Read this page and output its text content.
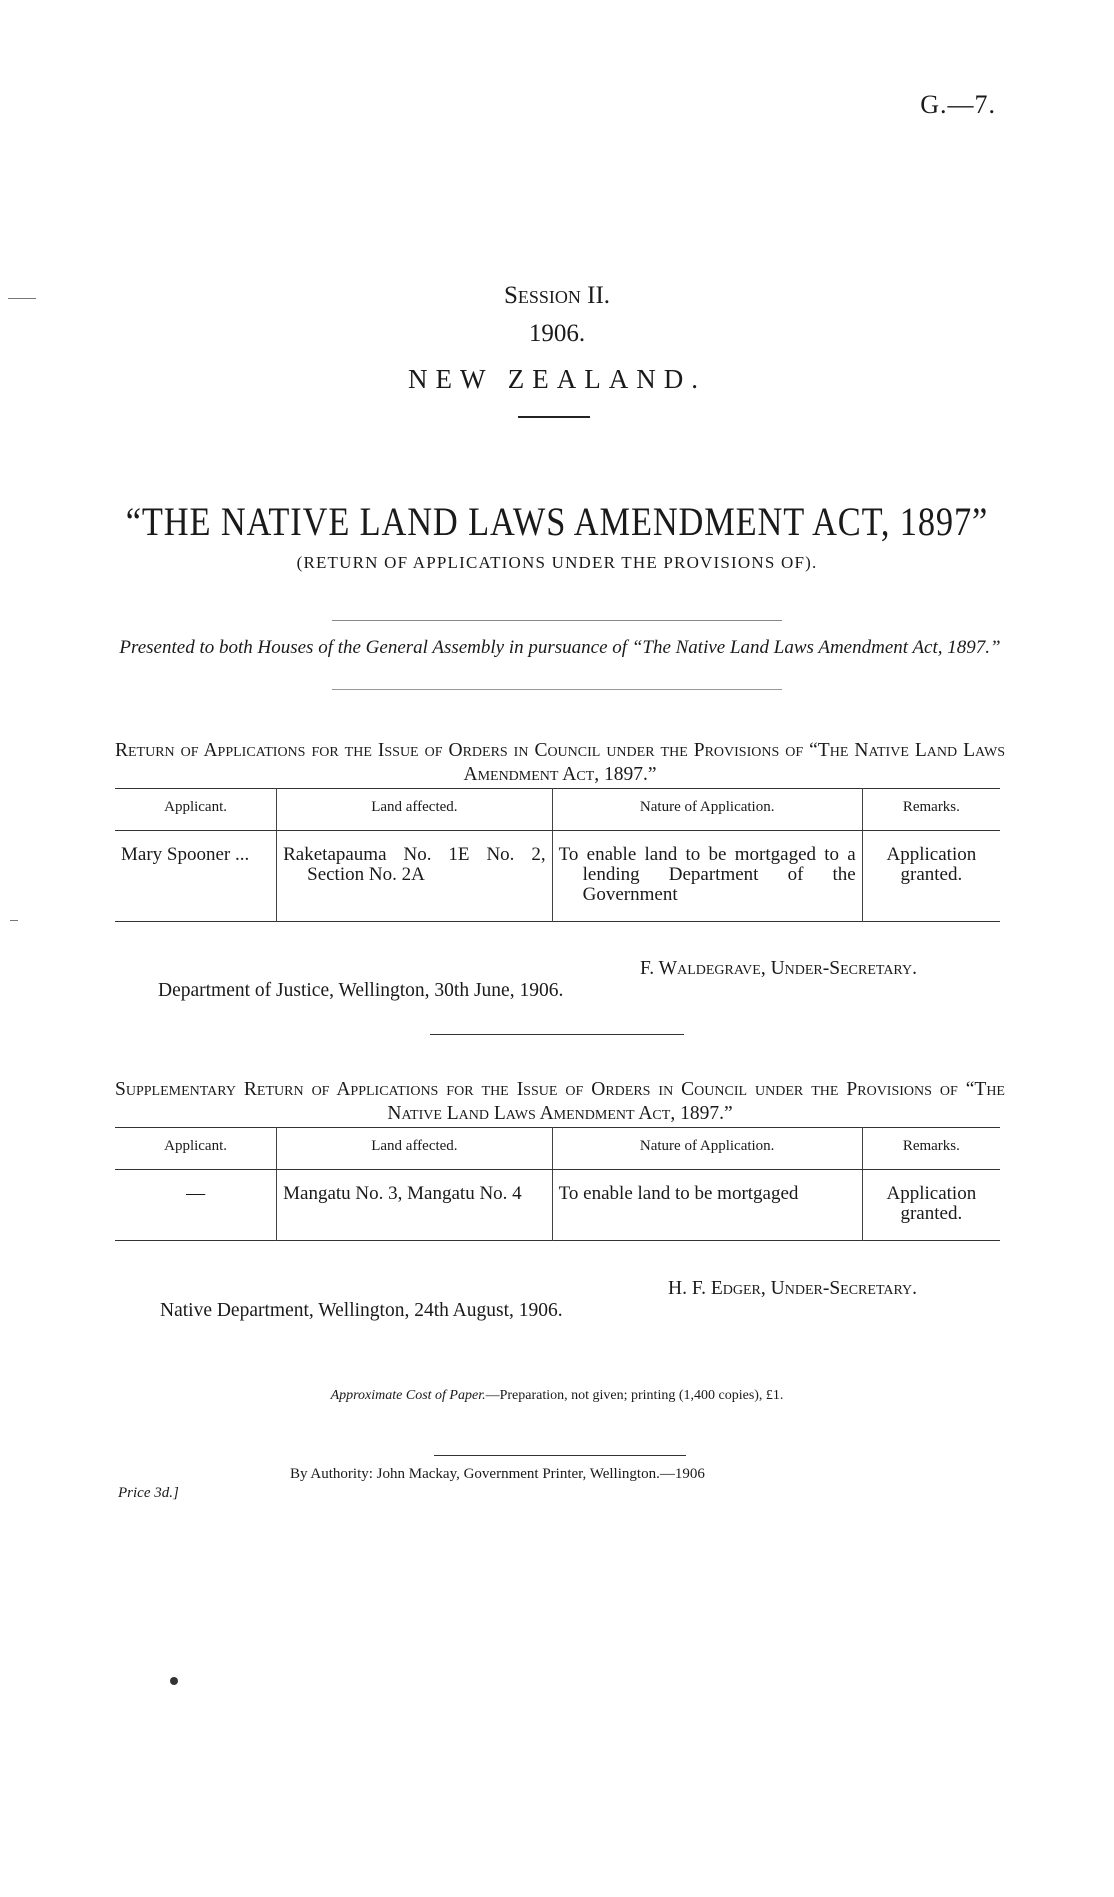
G.—7.
Session II.
1906.
NEW ZEALAND.
“THE NATIVE LAND LAWS AMENDMENT ACT, 1897”
(RETURN OF APPLICATIONS UNDER THE PROVISIONS OF).
Presented to both Houses of the General Assembly in pursuance of “The Native Land Laws Amendment Act, 1897.”
Return of Applications for the Issue of Orders in Council under the Provisions of “The Native Land Laws Amendment Act, 1897.”
Applicant.	Land affected.	Nature of Application.	Remarks.
Mary Spooner ...	Raketapauma No. 1E No. 2, Section No. 2A	To enable land to be mortgaged to a lending Department of the Government	Application granted.
F. Waldegrave, Under-Secretary.
Department of Justice, Wellington, 30th June, 1906.
Supplementary Return of Applications for the Issue of Orders in Council under the Provisions of “The Native Land Laws Amendment Act, 1897.”
Applicant.	Land affected.	Nature of Application.	Remarks.
—	Mangatu No. 3, Mangatu No. 4	To enable land to be mortgaged	Application granted.
H. F. Edger, Under-Secretary.
Native Department, Wellington, 24th August, 1906.
Approximate Cost of Paper.—Preparation, not given; printing (1,400 copies), £1.
By Authority: John Mackay, Government Printer, Wellington.—1906
Price 3d.]
